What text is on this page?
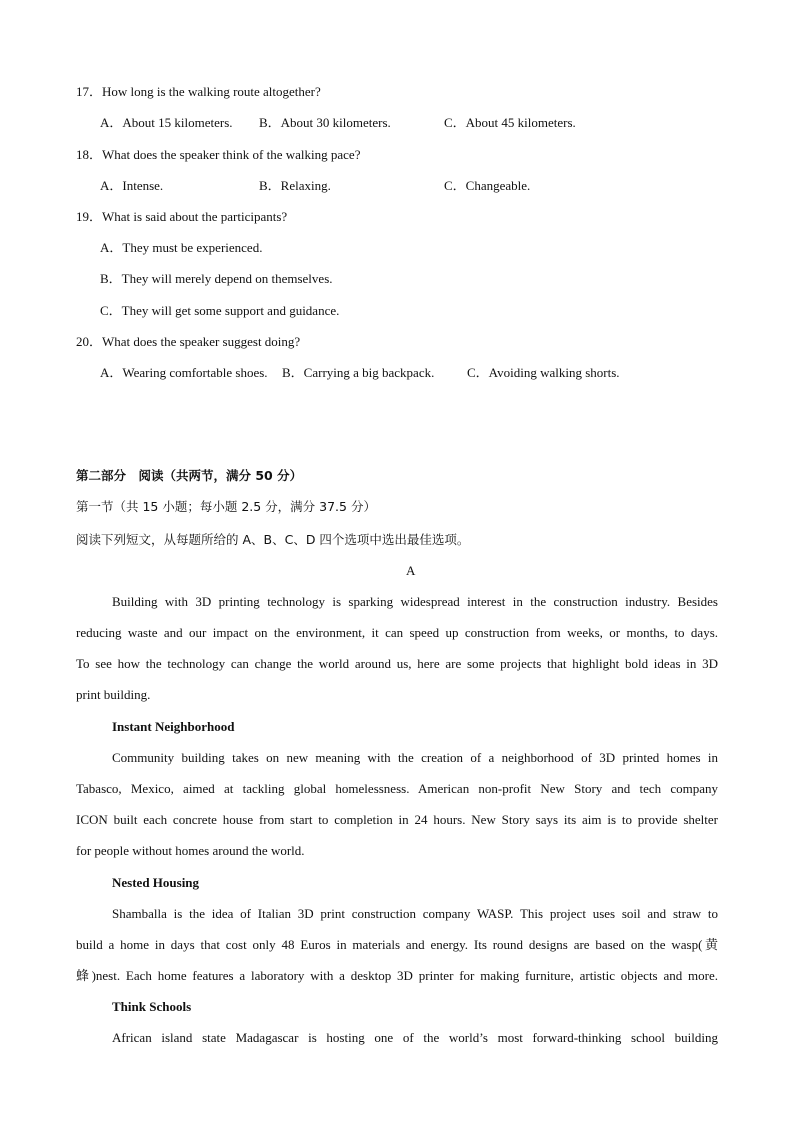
17．How long is the walking route altogether?
A．About 15 kilometers. B．About 30 kilometers.	C．About 45 kilometers.
18．What does the speaker think of the walking pace?
A．Intense.	B．Relaxing.	C．Changeable.
19．What is said about the participants?
A．They must be experienced.
B．They will merely depend on themselves.
C．They will get some support and guidance.
20．What does the speaker suggest doing?
A．Wearing comfortable shoes. B．Carrying a big backpack.	C．Avoiding walking shorts.
第二部分　阅读（共两节，满分 50 分）
第一节（共 15 小题；每小题 2.5 分，满分 37.5 分）
阅读下列短文，从每题所给的 A、B、C、D 四个选项中选出最佳选项。
A
Building with 3D printing technology is sparking widespread interest in the construction industry. Besides
reducing waste and our impact on the environment, it can speed up construction from weeks, or months, to days.
To see how the technology can change the world around us, here are some projects that highlight bold ideas in 3D
print building.
Instant Neighborhood
Community building takes on new meaning with the creation of a neighborhood of 3D printed homes in
Tabasco, Mexico, aimed at tackling global homelessness. American non-profit New Story and tech company
ICON built each concrete house from start to completion in 24 hours. New Story says its aim is to provide shelter
for people without homes around the world.
Nested Housing
Shamballa is the idea of Italian 3D print construction company WASP. This project uses soil and straw to
build a home in days that cost only 48 Euros in materials and energy. Its round designs are based on the wasp(黄
蜂)nest. Each home features a laboratory with a desktop 3D printer for making furniture, artistic objects and more.
Think Schools
African island state Madagascar is hosting one of the world’s most forward-thinking school building
